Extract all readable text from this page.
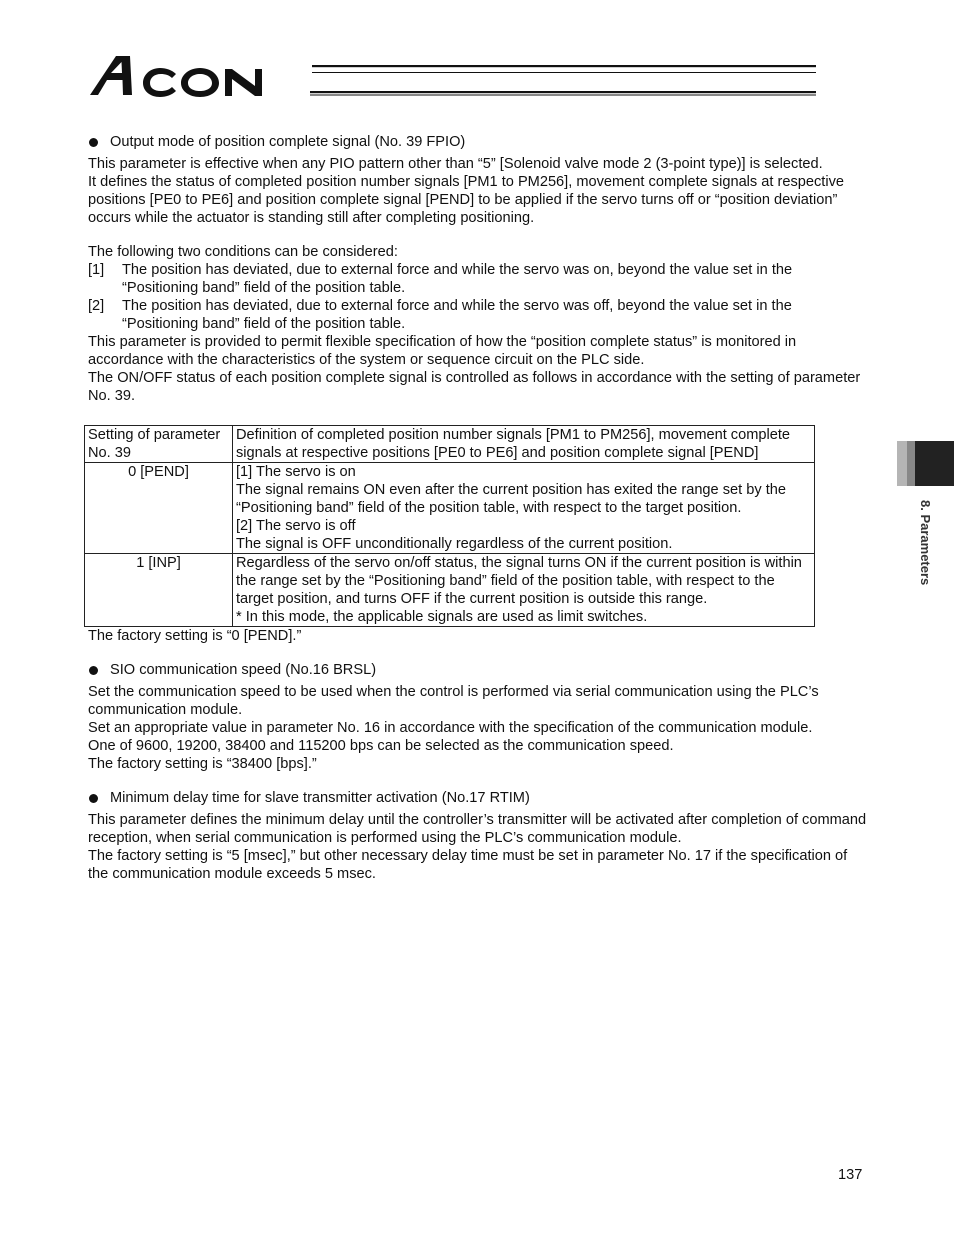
8. Parameters

Output mode of position complete signal (No. 39 FPIO)

This parameter is effective when any PIO pattern other than “5” [Solenoid valve mode 2 (3-point type)] is selected.

It defines the status of completed position number signals [PM1 to PM256], movement complete signals at respective positions [PE0 to PE6] and position complete signal [PEND] to be applied if the servo turns off or “position deviation” occurs while the actuator is standing still after completing positioning.

The following two conditions can be considered:

[1]	The position has deviated, due to external force and while the servo was on, beyond the value set in the “Positioning band” field of the position table.
[2]	The position has deviated, due to external force and while the servo was off, beyond the value set in the “Positioning band” field of the position table.

This parameter is provided to permit flexible specification of how the “position complete status” is monitored in accordance with the characteristics of the system or sequence circuit on the PLC side.

The ON/OFF status of each position complete signal is controlled as follows in accordance with the setting of parameter No. 39.

Setting of parameter No. 39	Definition of completed position number signals [PM1 to PM256], movement complete signals at respective positions [PE0 to PE6] and position complete signal [PEND]
0 [PEND]	[1] The servo is on
The signal remains ON even after the current position has exited the range set by the “Positioning band” field of the position table, with respect to the target position.
[2] The servo is off
The signal is OFF unconditionally regardless of the current position.

1 [INP]	Regardless of the servo on/off status, the signal turns ON if the current position is within the range set by the “Positioning band” field of the position table, with respect to the target position, and turns OFF if the current position is outside this range.
* In this mode, the applicable signals are used as limit switches.

The factory setting is “0 [PEND].”

SIO communication speed (No.16 BRSL)

Set the communication speed to be used when the control is performed via serial communication using the PLC’s communication module.

Set an appropriate value in parameter No. 16 in accordance with the specification of the communication module.

One of 9600, 19200, 38400 and 115200 bps can be selected as the communication speed.

The factory setting is “38400 [bps].”

Minimum delay time for slave transmitter activation (No.17 RTIM)

This parameter defines the minimum delay until the controller’s transmitter will be activated after completion of command reception, when serial communication is performed using the PLC’s communication module.

The factory setting is “5 [msec],” but other necessary delay time must be set in parameter No. 17 if the specification of the communication module exceeds 5 msec.

137
